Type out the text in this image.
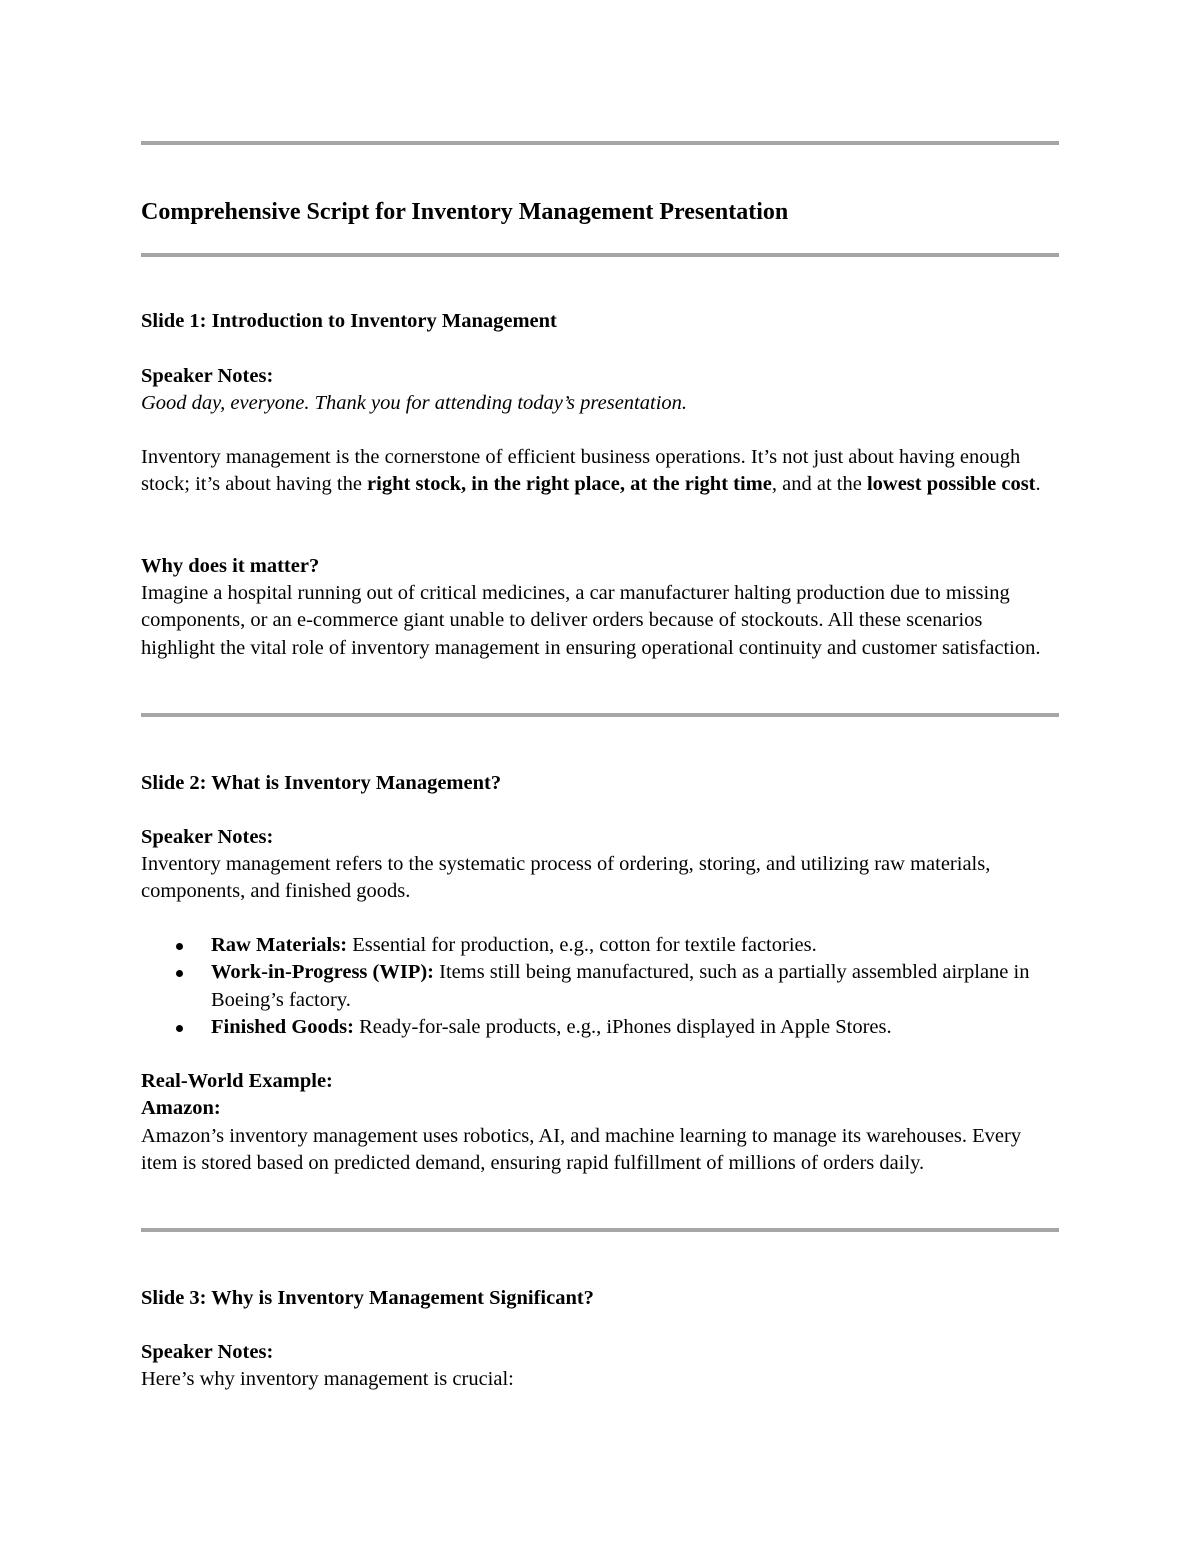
Comprehensive Script for Inventory Management Presentation
Slide 1: Introduction to Inventory Management
Speaker Notes:

Good day, everyone. Thank you for attending today’s presentation.

Inventory management is the cornerstone of efficient business operations. It’s not just about having enough stock; it’s about having the right stock, in the right place, at the right time, and at the lowest possible cost.

Why does it matter?

Imagine a hospital running out of critical medicines, a car manufacturer halting production due to missing components, or an e-commerce giant unable to deliver orders because of stockouts. All these scenarios highlight the vital role of inventory management in ensuring operational continuity and customer satisfaction.

Slide 2: What is Inventory Management?
Speaker Notes:

Inventory management refers to the systematic process of ordering, storing, and utilizing raw materials, components, and finished goods.

Raw Materials: Essential for production, e.g., cotton for textile factories.
Work-in-Progress (WIP): Items still being manufactured, such as a partially assembled airplane in Boeing’s factory.
Finished Goods: Ready-for-sale products, e.g., iPhones displayed in Apple Stores.
Real-World Example:
Amazon:

Amazon’s inventory management uses robotics, AI, and machine learning to manage its warehouses. Every item is stored based on predicted demand, ensuring rapid fulfillment of millions of orders daily.

Slide 3: Why is Inventory Management Significant?
Speaker Notes:

Here’s why inventory management is crucial:
